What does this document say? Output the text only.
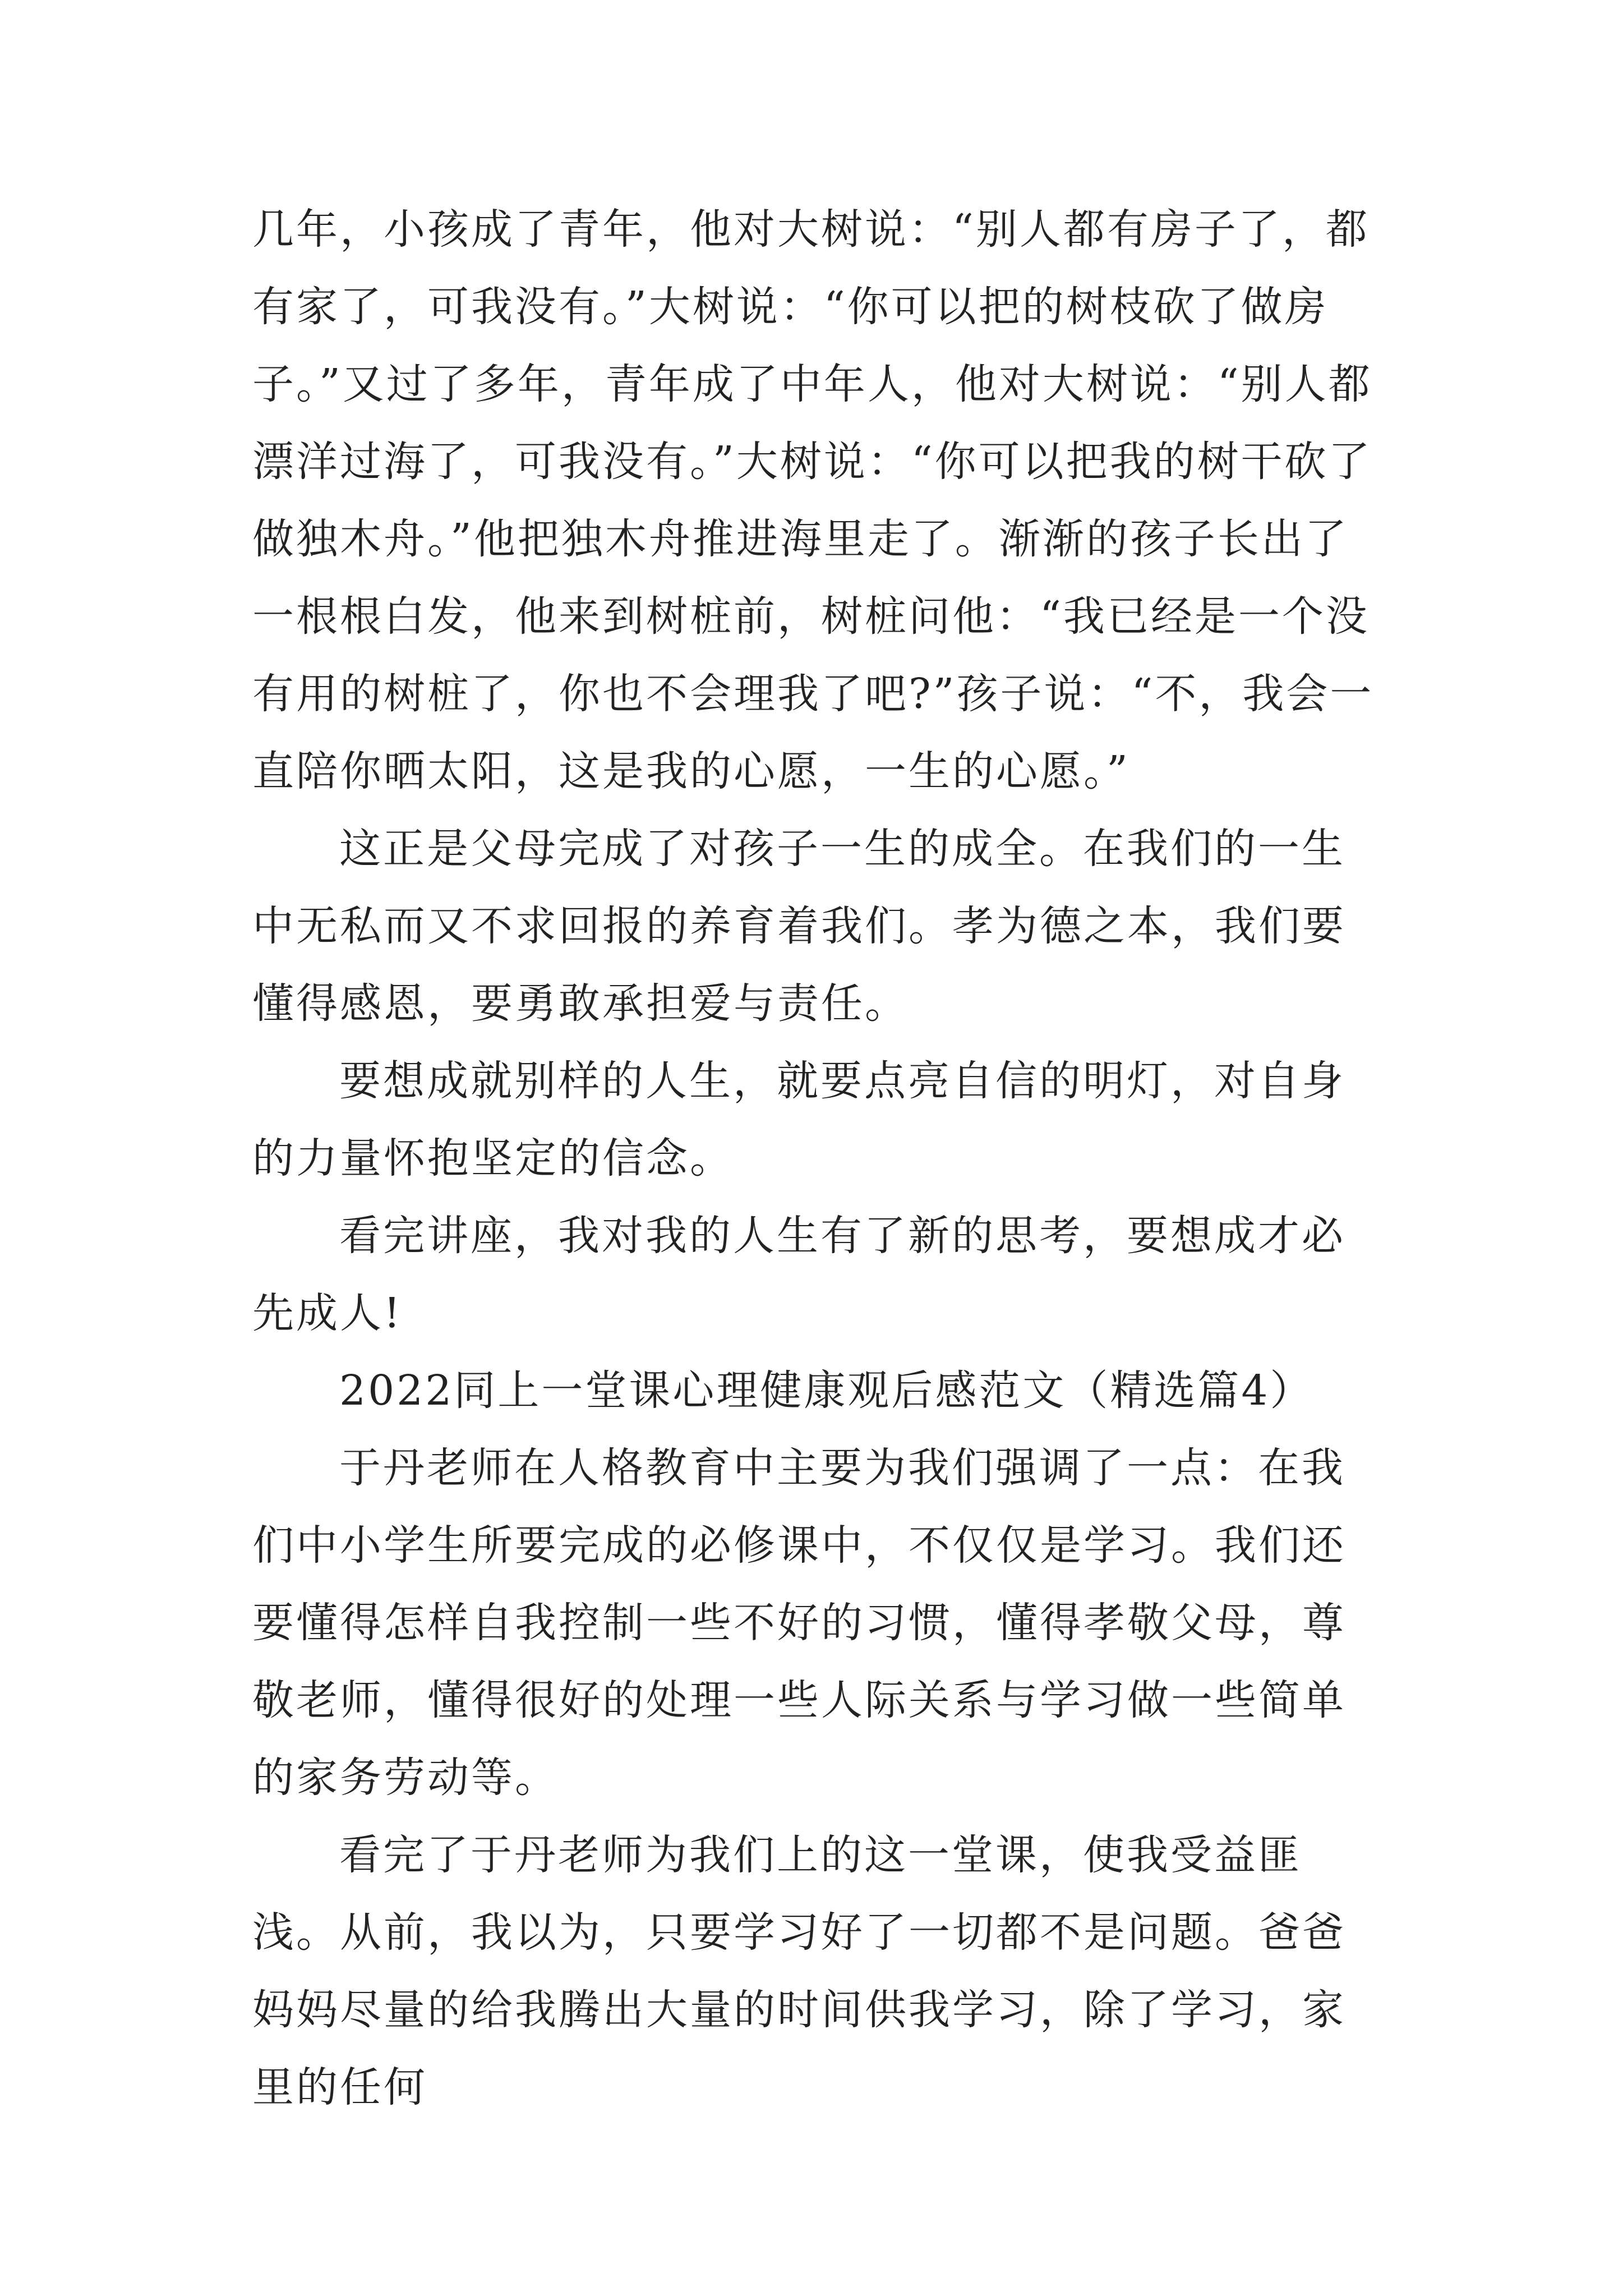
几年，小孩成了青年，他对大树说：“别人都有房子了，都有家了，可我没有。”大树说：“你可以把的树枝砍了做房子。”又过了多年，青年成了中年人，他对大树说：“别人都漂洋过海了，可我没有。”大树说：“你可以把我的树干砍了做独木舟。”他把独木舟推进海里走了。渐渐的孩子长出了一根根白发，他来到树桩前，树桩问他：“我已经是一个没有用的树桩了，你也不会理我了吧?”孩子说：“不，我会一直陪你晒太阳，这是我的心愿，一生的心愿。”

这正是父母完成了对孩子一生的成全。在我们的一生中无私而又不求回报的养育着我们。孝为德之本，我们要懂得感恩，要勇敢承担爱与责任。

要想成就别样的人生，就要点亮自信的明灯，对自身的力量怀抱坚定的信念。

看完讲座，我对我的人生有了新的思考，要想成才必先成人!

2022同上一堂课心理健康观后感范文（精选篇4）

于丹老师在人格教育中主要为我们强调了一点：在我们中小学生所要完成的必修课中，不仅仅是学习。我们还要懂得怎样自我控制一些不好的习惯，懂得孝敬父母，尊敬老师，懂得很好的处理一些人际关系与学习做一些简单的家务劳动等。

看完了于丹老师为我们上的这一堂课，使我受益匪浅。从前，我以为，只要学习好了一切都不是问题。爸爸妈妈尽量的给我腾出大量的时间供我学习，除了学习，家里的任何
